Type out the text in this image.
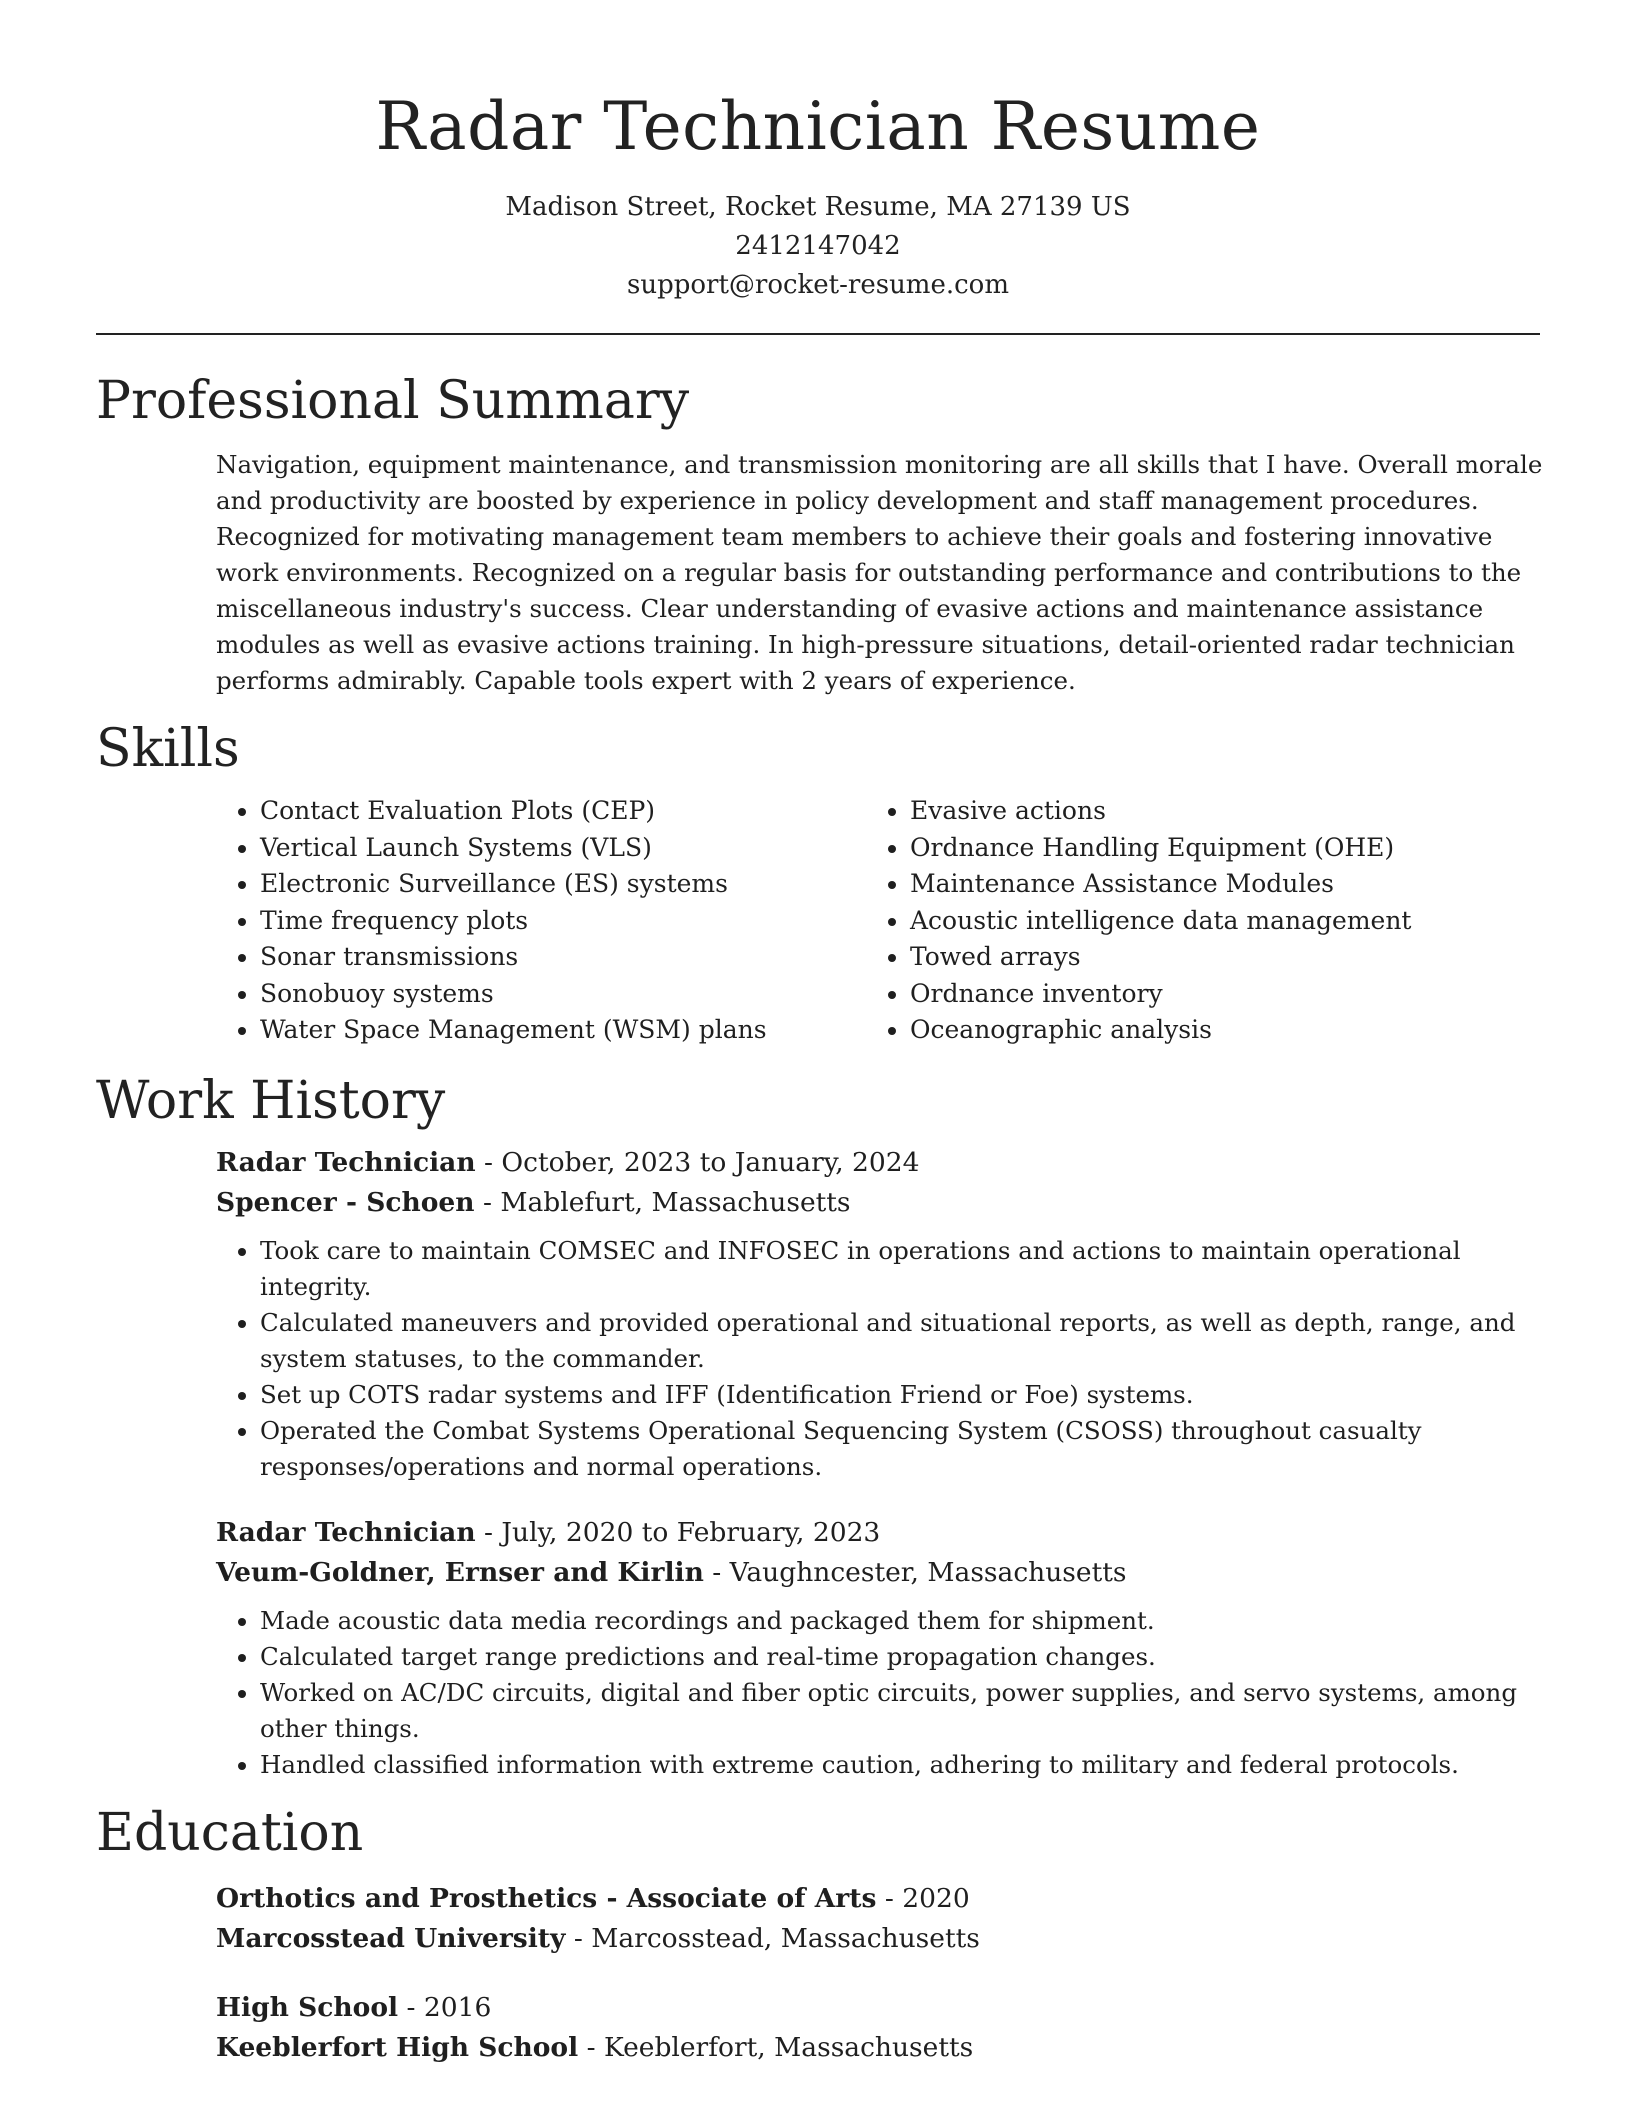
Radar Technician Resume
Madison Street, Rocket Resume, MA 27139 US
2412147042
support@rocket-resume.com
Professional Summary
Navigation, equipment maintenance, and transmission monitoring are all skills that I have. Overall morale and productivity are boosted by experience in policy development and staff management procedures. Recognized for motivating management team members to achieve their goals and fostering innovative work environments. Recognized on a regular basis for outstanding performance and contributions to the miscellaneous industry's success. Clear understanding of evasive actions and maintenance assistance modules as well as evasive actions training. In high-pressure situations, detail-oriented radar technician performs admirably. Capable tools expert with 2 years of experience.
Skills
• Contact Evaluation Plots (CEP)
• Vertical Launch Systems (VLS)
• Electronic Surveillance (ES) systems
• Time frequency plots
• Sonar transmissions
• Sonobuoy systems
• Water Space Management (WSM) plans
• Evasive actions
• Ordnance Handling Equipment (OHE)
• Maintenance Assistance Modules
• Acoustic intelligence data management
• Towed arrays
• Ordnance inventory
• Oceanographic analysis
Work History
Radar Technician - October, 2023 to January, 2024
Spencer - Schoen - Mablefurt, Massachusetts
• Took care to maintain COMSEC and INFOSEC in operations and actions to maintain operational integrity.
• Calculated maneuvers and provided operational and situational reports, as well as depth, range, and system statuses, to the commander.
• Set up COTS radar systems and IFF (Identification Friend or Foe) systems.
• Operated the Combat Systems Operational Sequencing System (CSOSS) throughout casualty responses/operations and normal operations.
Radar Technician - July, 2020 to February, 2023
Veum-Goldner, Ernser and Kirlin - Vaughncester, Massachusetts
• Made acoustic data media recordings and packaged them for shipment.
• Calculated target range predictions and real-time propagation changes.
• Worked on AC/DC circuits, digital and fiber optic circuits, power supplies, and servo systems, among other things.
• Handled classified information with extreme caution, adhering to military and federal protocols.
Education
Orthotics and Prosthetics - Associate of Arts - 2020
Marcosstead University - Marcosstead, Massachusetts
High School - 2016
Keeblerfort High School - Keeblerfort, Massachusetts
